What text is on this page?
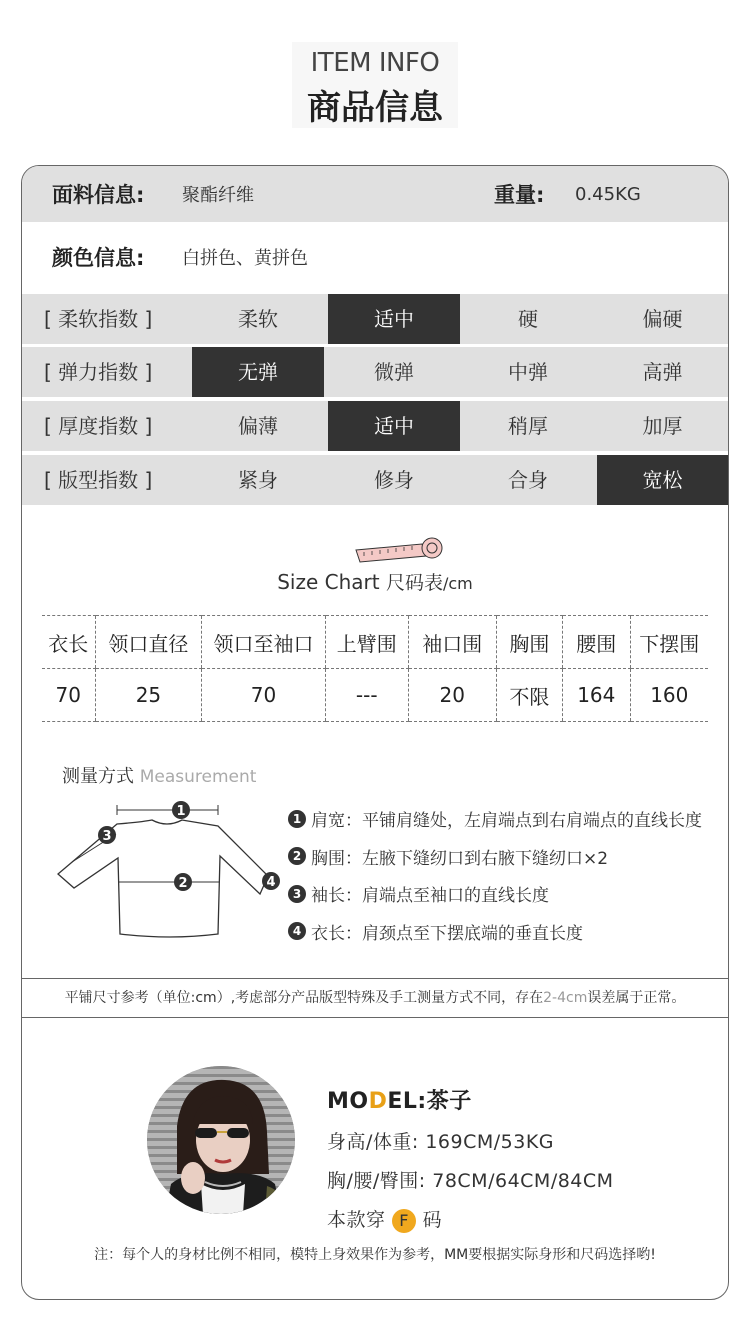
ITEM INFO
商品信息
面料信息: 聚酯纤维	重量: 0.45KG
颜色信息: 白拼色、黄拼色
[ 柔软指数 ]	柔软	适中	硬	偏硬
[ 弹力指数 ]	无弹	微弹	中弹	高弹
[ 厚度指数 ]	偏薄	适中	稍厚	加厚
[ 版型指数 ]	紧身	修身	合身	宽松
Size Chart 尺码表/cm
衣长	领口直径	领口至袖口	上臂围	袖口围	胸围	腰围	下摆围
70	25	70	---	20	不限	164	160
测量方式 Measurement
1
2
3
4
1 肩宽：平铺肩缝处，左肩端点到右肩端点的直线长度
2 胸围：左腋下缝纫口到右腋下缝纫口×2
3 袖长：肩端点至袖口的直线长度
4 衣长：肩颈点至下摆底端的垂直长度
平铺尺寸参考（单位:cm）,考虑部分产品版型特殊及手工测量方式不同，存在2-4cm误差属于正常。
MODEL:茶子
身高/体重: 169CM/53KG
胸/腰/臀围: 78CM/64CM/84CM
本款穿 F 码
注：每个人的身材比例不相同，模特上身效果作为参考，MM要根据实际身形和尺码选择哟!
